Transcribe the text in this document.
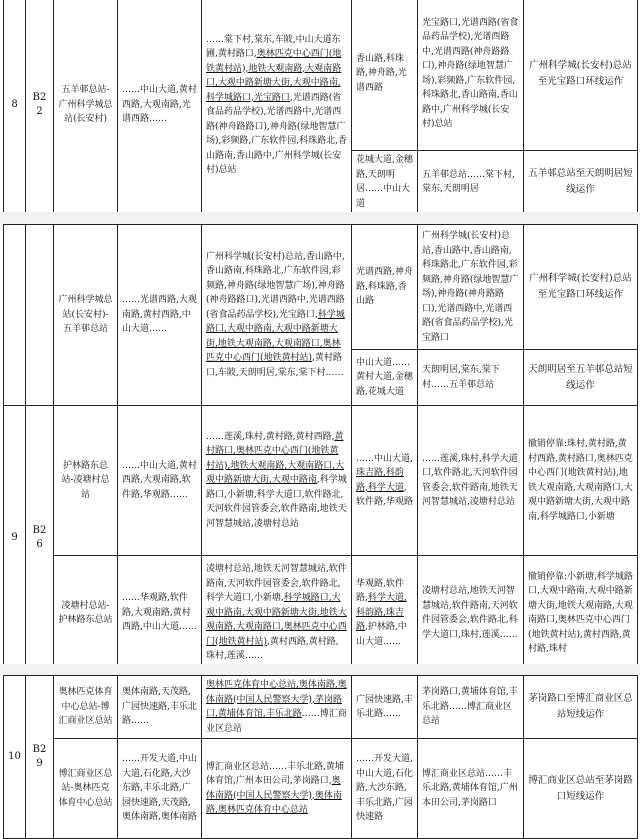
8	B2 2	五羊邨总站-广州科学城总站(长安村)	……中山大道,黄村西路,大观南路,光谱西路……	……棠下村,棠东,车陂,中山大道东圃,黄村路口,奥林匹克中心西门(地铁黄村站),地铁大观南路,大观南路口,大观中路新塘大街,大观中路南,科学城路口,光宝路口,光谱西路(省食品药品学校),光谱西路中,光谱西路(神舟路路口),神舟路(绿地智慧广场),彩频路,广东软件园,科珠路北,香山路南,香山路中,广州科学城(长安村)总站	香山路,科珠路,神舟路,光谱西路	光宝路口,光谱西路(省食品药品学校),光谱西路中,光谱西路(神舟路路口),神舟路(绿地智慧广场),彩频路,广东软件园,科珠路北,香山路南,香山路中,广州科学城(长安村)总站	广州科学城(长安村)总站至光宝路口环线运作
					花城大道,金穗路,天朗明居……中山大道	五羊邨总站……棠下村,棠东,天朗明居	五羊邨总站至天朗明居短线运作
		广州科学城总站(长安村)-五羊邨总站	……光谱西路,大观南路,黄村西路,中山大道……	广州科学城(长安村)总站,香山路中,香山路南,科珠路北,广东软件园,彩频路,神舟路(绿地智慧广场),神舟路(神舟路路口),光谱西路中,光谱西路(省食品药品学校),光宝路口,科学城路口,大观中路南,大观中路新塘大街,地铁大观南路,大观南路口,奥林匹克中心西门(地铁黄村站),黄村路口,车陂,天朗明居,棠东,棠下村……	光谱西路,神舟路,科珠路,香山路	广州科学城(长安村)总站,香山路中,香山路南,科珠路北,广东软件园,彩频路,神舟路(绿地智慧广场),神舟路(神舟路路口),光谱西路中,光谱西路(省食品药品学校),光宝路口	广州科学城(长安村)总站至光宝路口环线运作
					中山大道……黄村大道,金穗路,花城大道	天朗明居,棠东,棠下村……五羊邨总站	天朗明居至五羊邨总站短线运作
9	B2 6	护林路东总站-凌塘村总站	……中山大道,黄村西路,大观南路,软件路,华观路……	……莲溪,珠村,黄村路,黄村西路,黄村路口,奥林匹克中心西门(地铁黄村站),地铁大观南路,大观南路口,大观中路新塘大街,大观中路南,科学城路口,小新塘,科学大道口,软件路北,天河软件园管委会,软件路南,地铁天河智慧城站,凌塘村总站	……中山大道,珠吉路,科韵路,科学大道,软件路,华观路	……莲溪,珠村,科学大道口,软件路北,天河软件园管委会,软件路南,地铁天河智慧城站,凌塘村总站	撤销停靠:珠村,黄村路,黄村西路,黄村路口,奥林匹克中心西门(地铁黄村站),地铁大观南路,大观南路口,大观中路新塘大街,大观中路南,科学城路口,小新塘
		凌塘村总站-护林路东总站	……华观路,软件路,大观南路,黄村西路,中山大道……	凌塘村总站,地铁天河智慧城站,软件路南,天河软件园管委会,软件路北,科学大道口,小新塘,科学城路口,大观中路南,大观中路新塘大街,地铁大观南路,大观南路口,奥林匹克中心西门(地铁黄村站),黄村西路,黄村路,珠村,莲溪……	华观路,软件路,科学大道,科韵路,珠吉路,护林路,中山大道……	凌塘村总站,地铁天河智慧城站,软件路南,天河软件园管委会,软件路北,科学大道口,珠村,莲溪……	撤销停靠:小新塘,科学城路口,大观中路南,大观中路新塘大街,地铁大观南路,大观南路口,奥林匹克中心西门(地铁黄村站),黄村西路,黄村路,珠村
10	B2 9	奥林匹克体育中心总站-博汇商业区总站	奥体南路,天茂路,广园快速路,丰乐北路……	奥林匹克体育中心总站,奥体南路,奥体南路(中国人民警察大学),茅岗路口,黄埔体育馆,丰乐北路……博汇商业区总站	广园快速路,丰乐北路……	茅岗路口,黄埔体育馆,丰乐北路……博汇商业区总站	茅岗路口至博汇商业区总站短线运作
		博汇商业区总站-奥林匹克体育中心总站	……开发大道,中山大道,石化路,大沙东路,丰乐北路,广园快速路,天茂路,奥体南路,奥体南路	博汇商业区总站……丰乐北路,黄埔体育馆,广州本田公司,茅岗路口,奥体南路(中国人民警察大学),奥体南路,奥林匹克体育中心总站	……开发大道,中山大道,石化路,大沙东路,丰乐北路,广园快速路	博汇商业区总站……丰乐北路,黄埔体育馆,广州本田公司,茅岗路口	博汇商业区总站至茅岗路口短线运作
